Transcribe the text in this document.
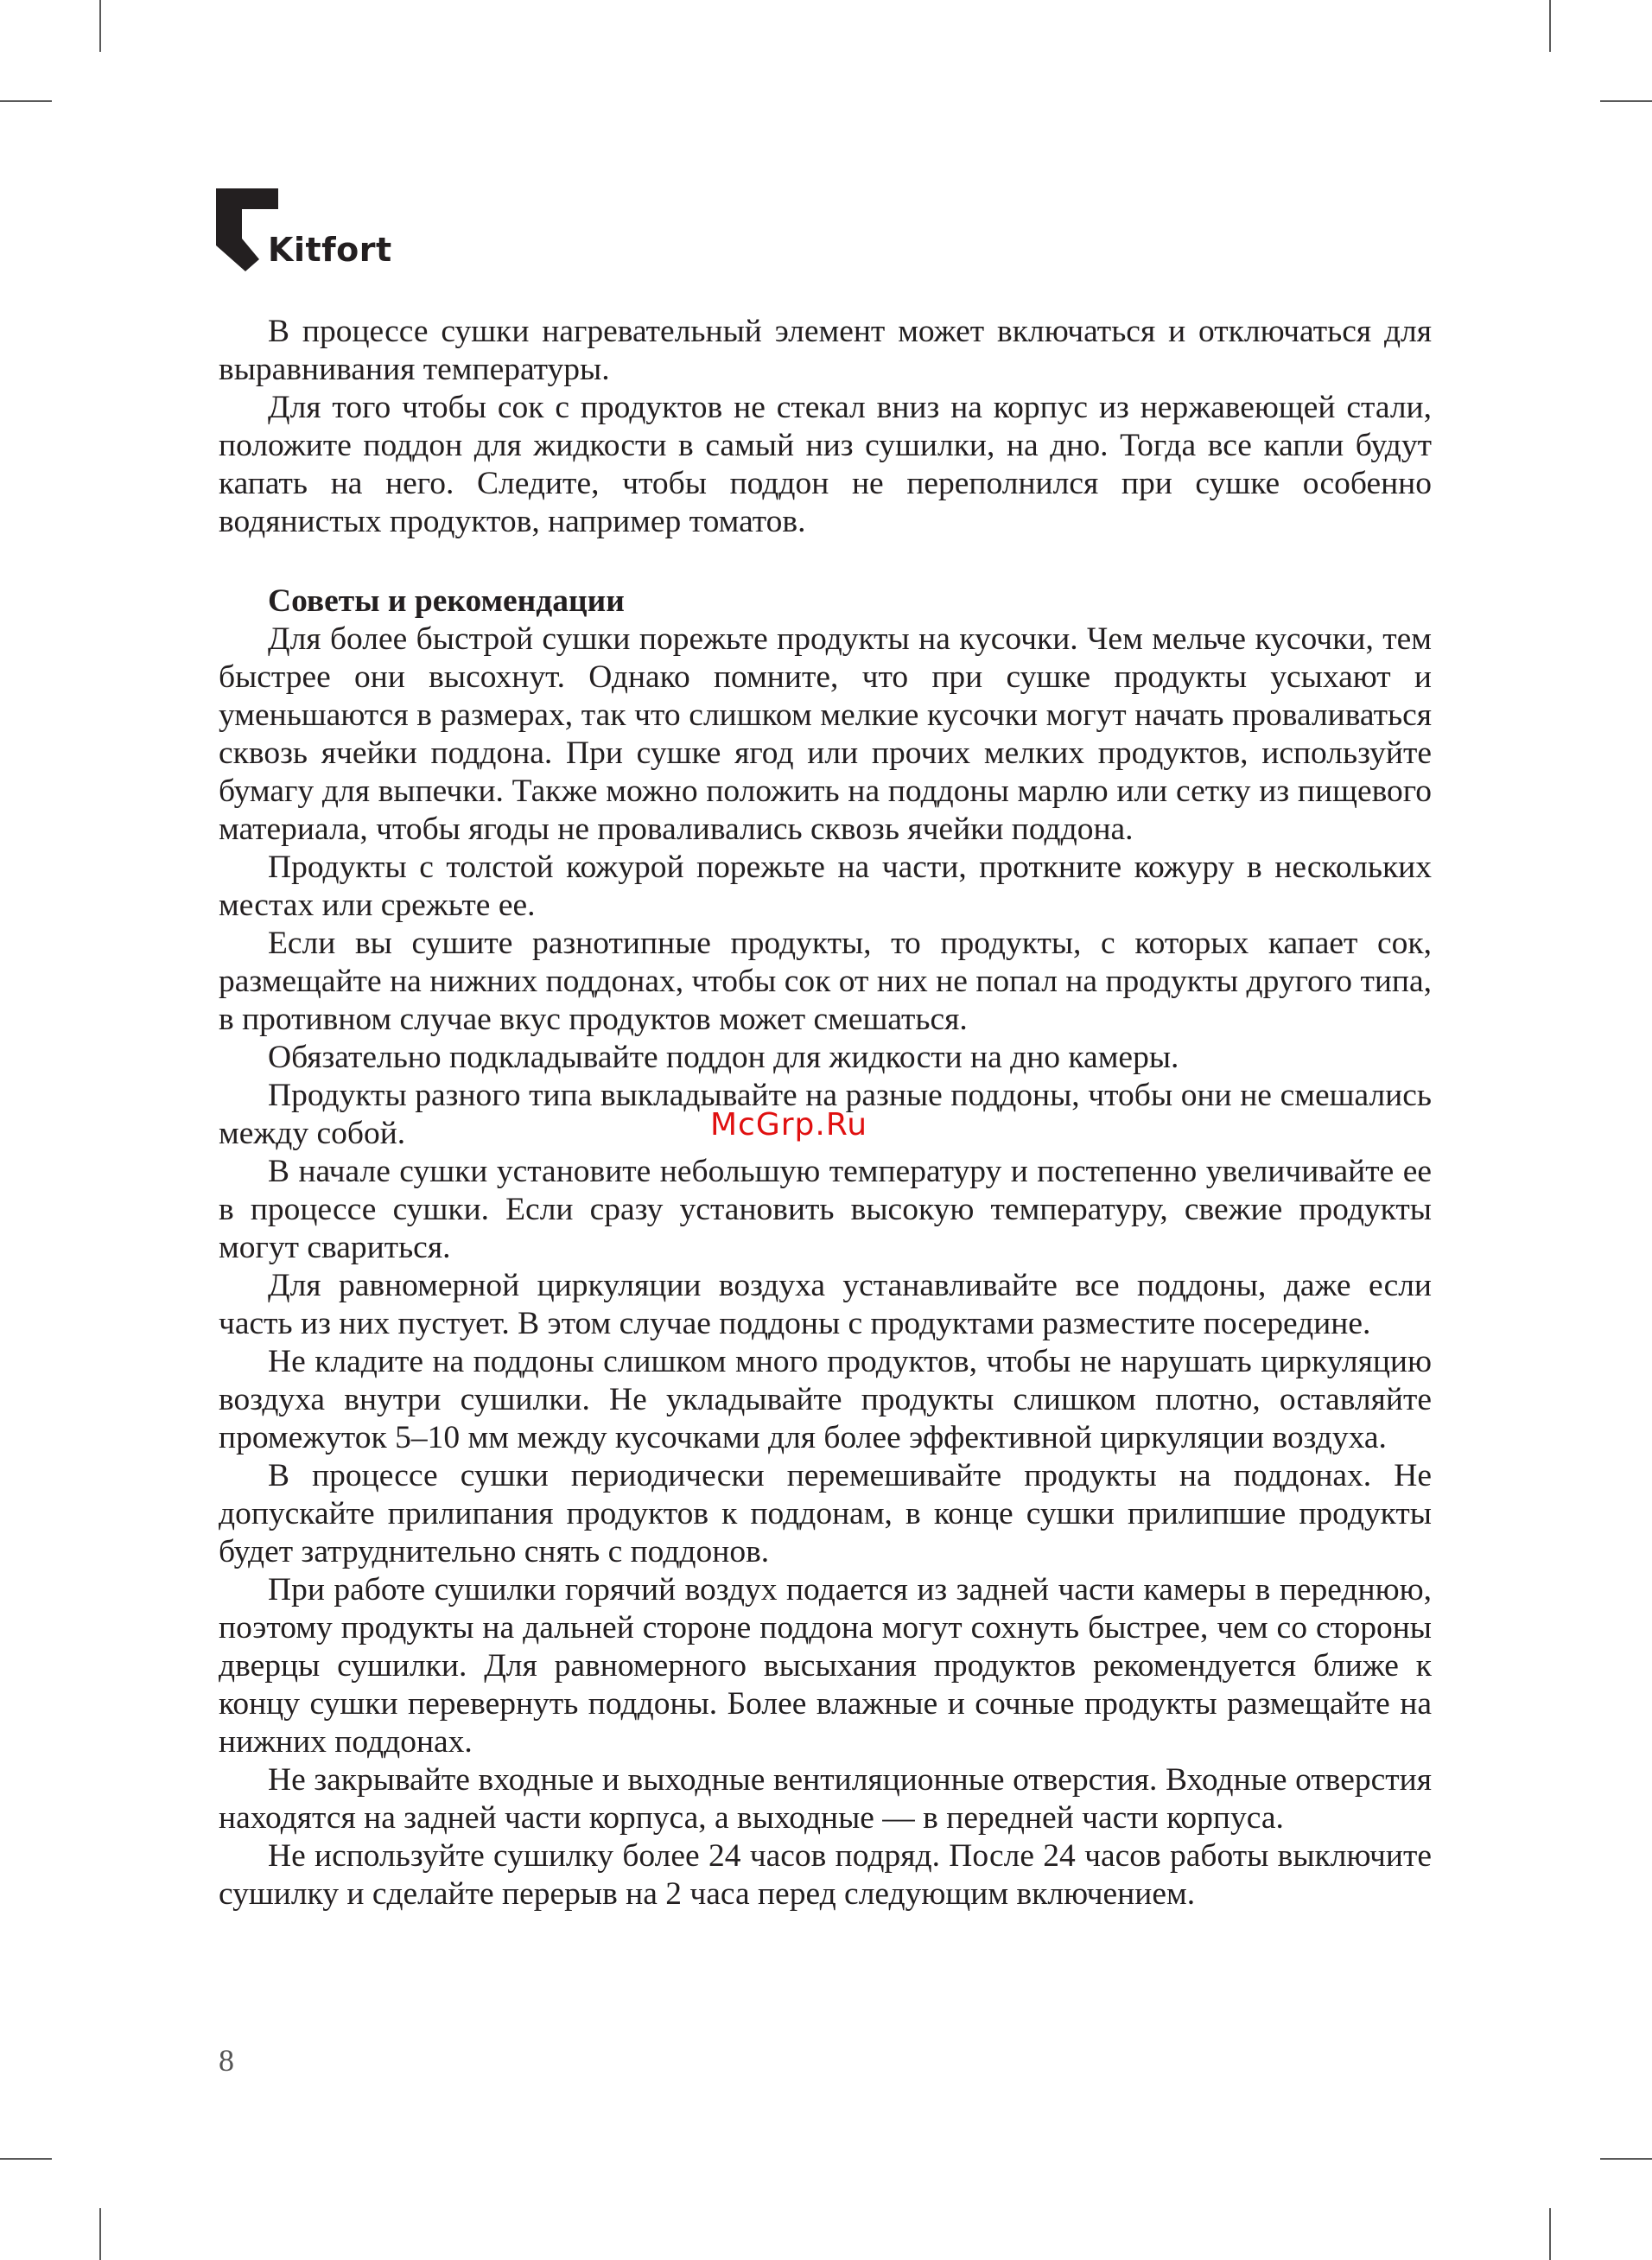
Kitfort

В процессе сушки нагревательный элемент может включаться и отключаться для выравнивания температуры.

Для того чтобы сок с продуктов не стекал вниз на корпус из нержавеющей стали, положите поддон для жидкости в самый низ сушилки, на дно. Тогда все капли будут капать на него. Следите, чтобы поддон не переполнился при сушке особенно водянистых продуктов, например томатов.

Советы и рекомендации

Для более быстрой сушки порежьте продукты на кусочки. Чем мельче кусочки, тем быстрее они высохнут. Однако помните, что при сушке продукты усыхают и уменьшаются в размерах, так что слишком мелкие кусочки могут начать проваливаться сквозь ячейки поддона. При сушке ягод или прочих мелких продуктов, используйте бумагу для выпечки. Также можно положить на поддоны марлю или сетку из пищевого материала, чтобы ягоды не проваливались сквозь ячейки поддона.

Продукты с толстой кожурой порежьте на части, проткните кожуру в нескольких местах или срежьте ее.

Если вы сушите разнотипные продукты, то продукты, с которых капает сок, размещайте на нижних поддонах, чтобы сок от них не попал на продукты другого типа, в противном случае вкус продуктов может смешаться.

Обязательно подкладывайте поддон для жидкости на дно камеры.

Продукты разного типа выкладывайте на разные поддоны, чтобы они не смешались между собой.

В начале сушки установите небольшую температуру и постепенно увеличивайте ее в процессе сушки. Если сразу установить высокую температуру, свежие продукты могут свариться.

Для равномерной циркуляции воздуха устанавливайте все поддоны, даже если часть из них пустует. В этом случае поддоны с продуктами разместите посередине.

Не кладите на поддоны слишком много продуктов, чтобы не нарушать циркуляцию воздуха внутри сушилки. Не укладывайте продукты слишком плотно, оставляйте промежуток 5–10 мм между кусочками для более эффективной циркуляции воздуха.

В процессе сушки периодически перемешивайте продукты на поддонах. Не допускайте прилипания продуктов к поддонам, в конце сушки прилипшие продукты будет затруднительно снять с поддонов.

При работе сушилки горячий воздух подается из задней части камеры в переднюю, поэтому продукты на дальней стороне поддона могут сохнуть быстрее, чем со стороны дверцы сушилки. Для равномерного высыхания продуктов рекомендуется ближе к концу сушки перевернуть поддоны. Более влажные и сочные продукты размещайте на нижних поддонах.

Не закрывайте входные и выходные вентиляционные отверстия. Входные отверстия находятся на задней части корпуса, а выходные — в передней части корпуса.

Не используйте сушилку более 24 часов подряд. После 24 часов работы выключите сушилку и сделайте перерыв на 2 часа перед следующим включением.

McGrp.Ru
8
